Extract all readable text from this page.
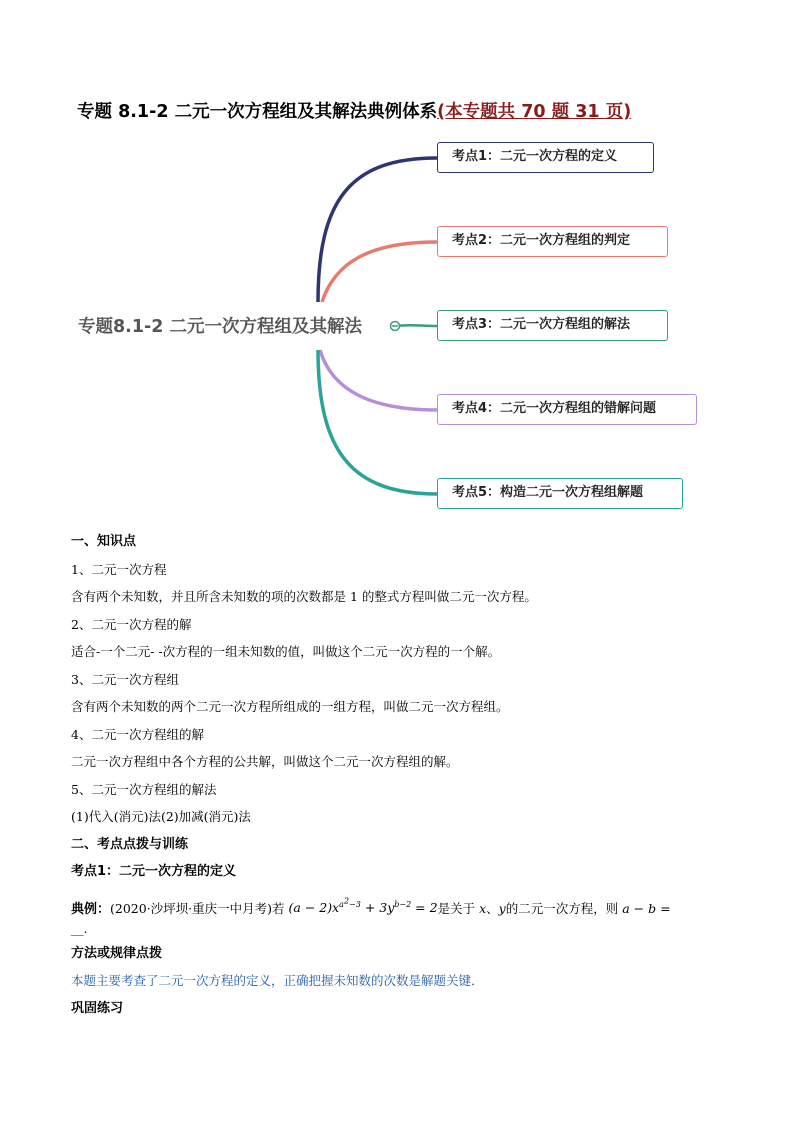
专题 8.1-2 二元一次方程组及其解法典例体系(本专题共 70 题 31 页)
专题8.1-2 二元一次方程组及其解法
考点1：二元一次方程的定义
考点2：二元一次方程组的判定
考点3：二元一次方程组的解法
考点4：二元一次方程组的错解问题
考点5：构造二元一次方程组解题
一、知识点
1、二元一次方程
含有两个未知数，并且所含未知数的项的次数都是 1 的整式方程叫做二元一次方程。
2、二元一次方程的解
适合-一个二元- -次方程的一组未知数的值，叫做这个二元一次方程的一个解。
3、二元一次方程组
含有两个未知数的两个二元一次方程所组成的一组方程，叫做二元一次方程组。
4、二元一次方程组的解
二元一次方程组中各个方程的公共解，叫做这个二元一次方程组的解。
5、二元一次方程组的解法
(1)代入(消元)法(2)加减(消元)法
二、考点点拨与训练
考点1：二元一次方程的定义
典例：(2020·沙坪坝·重庆一中月考)若 $(a - 2)x^{a^2-3} + 3y^{b-2} = 2$是关于 x、y的二元一次方程，则 a − b =
__.
方法或规律点拨
本题主要考查了二元一次方程的定义，正确把握未知数的次数是解题关键．
巩固练习
